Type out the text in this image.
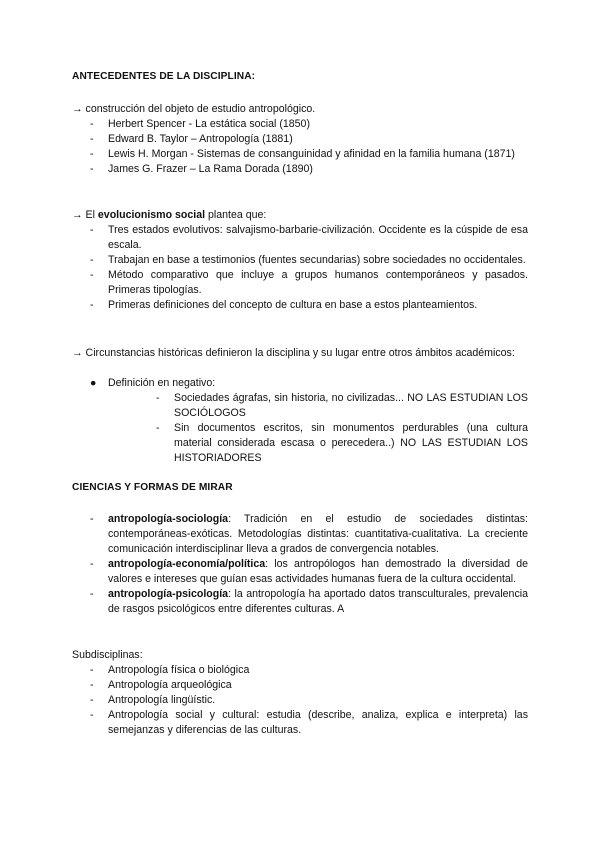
ANTECEDENTES DE LA DISCIPLINA:
→ construcción del objeto de estudio antropológico.
- Herbert Spencer - La estática social (1850)
- Edward B. Taylor – Antropología (1881)
- Lewis H. Morgan - Sistemas de consanguinidad y afinidad en la familia humana (1871)
- James G. Frazer – La Rama Dorada (1890)
→ El evolucionismo social plantea que:
- Tres estados evolutivos: salvajismo-barbarie-civilización. Occidente es la cúspide de esa escala.
- Trabajan en base a testimonios (fuentes secundarias) sobre sociedades no occidentales.
- Método comparativo que incluye a grupos humanos contemporáneos y pasados. Primeras tipologías.
- Primeras definiciones del concepto de cultura en base a estos planteamientos.
→ Circunstancias históricas definieron la disciplina y su lugar entre otros ámbitos académicos:
● Definición en negativo:
- Sociedades ágrafas, sin historia, no civilizadas... NO LAS ESTUDIAN LOS SOCIÓLOGOS
- Sin documentos escritos, sin monumentos perdurables (una cultura material considerada escasa o perecedera..) NO LAS ESTUDIAN LOS HISTORIADORES
CIENCIAS Y FORMAS DE MIRAR
- antropología-sociología: Tradición en el estudio de sociedades distintas: contemporáneas-exóticas. Metodologías distintas: cuantitativa-cualitativa. La creciente comunicación interdisciplinar lleva a grados de convergencia notables.
- antropología-economía/política: los antropólogos han demostrado la diversidad de valores e intereses que guían esas actividades humanas fuera de la cultura occidental.
- antropología-psicología: la antropología ha aportado datos transculturales, prevalencia de rasgos psicológicos entre diferentes culturas. A
Subdisciplinas:
- Antropología física o biológica
- Antropología arqueológica
- Antropología lingüístic.
- Antropología social y cultural: estudia (describe, analiza, explica e interpreta) las semejanzas y diferencias de las culturas.
